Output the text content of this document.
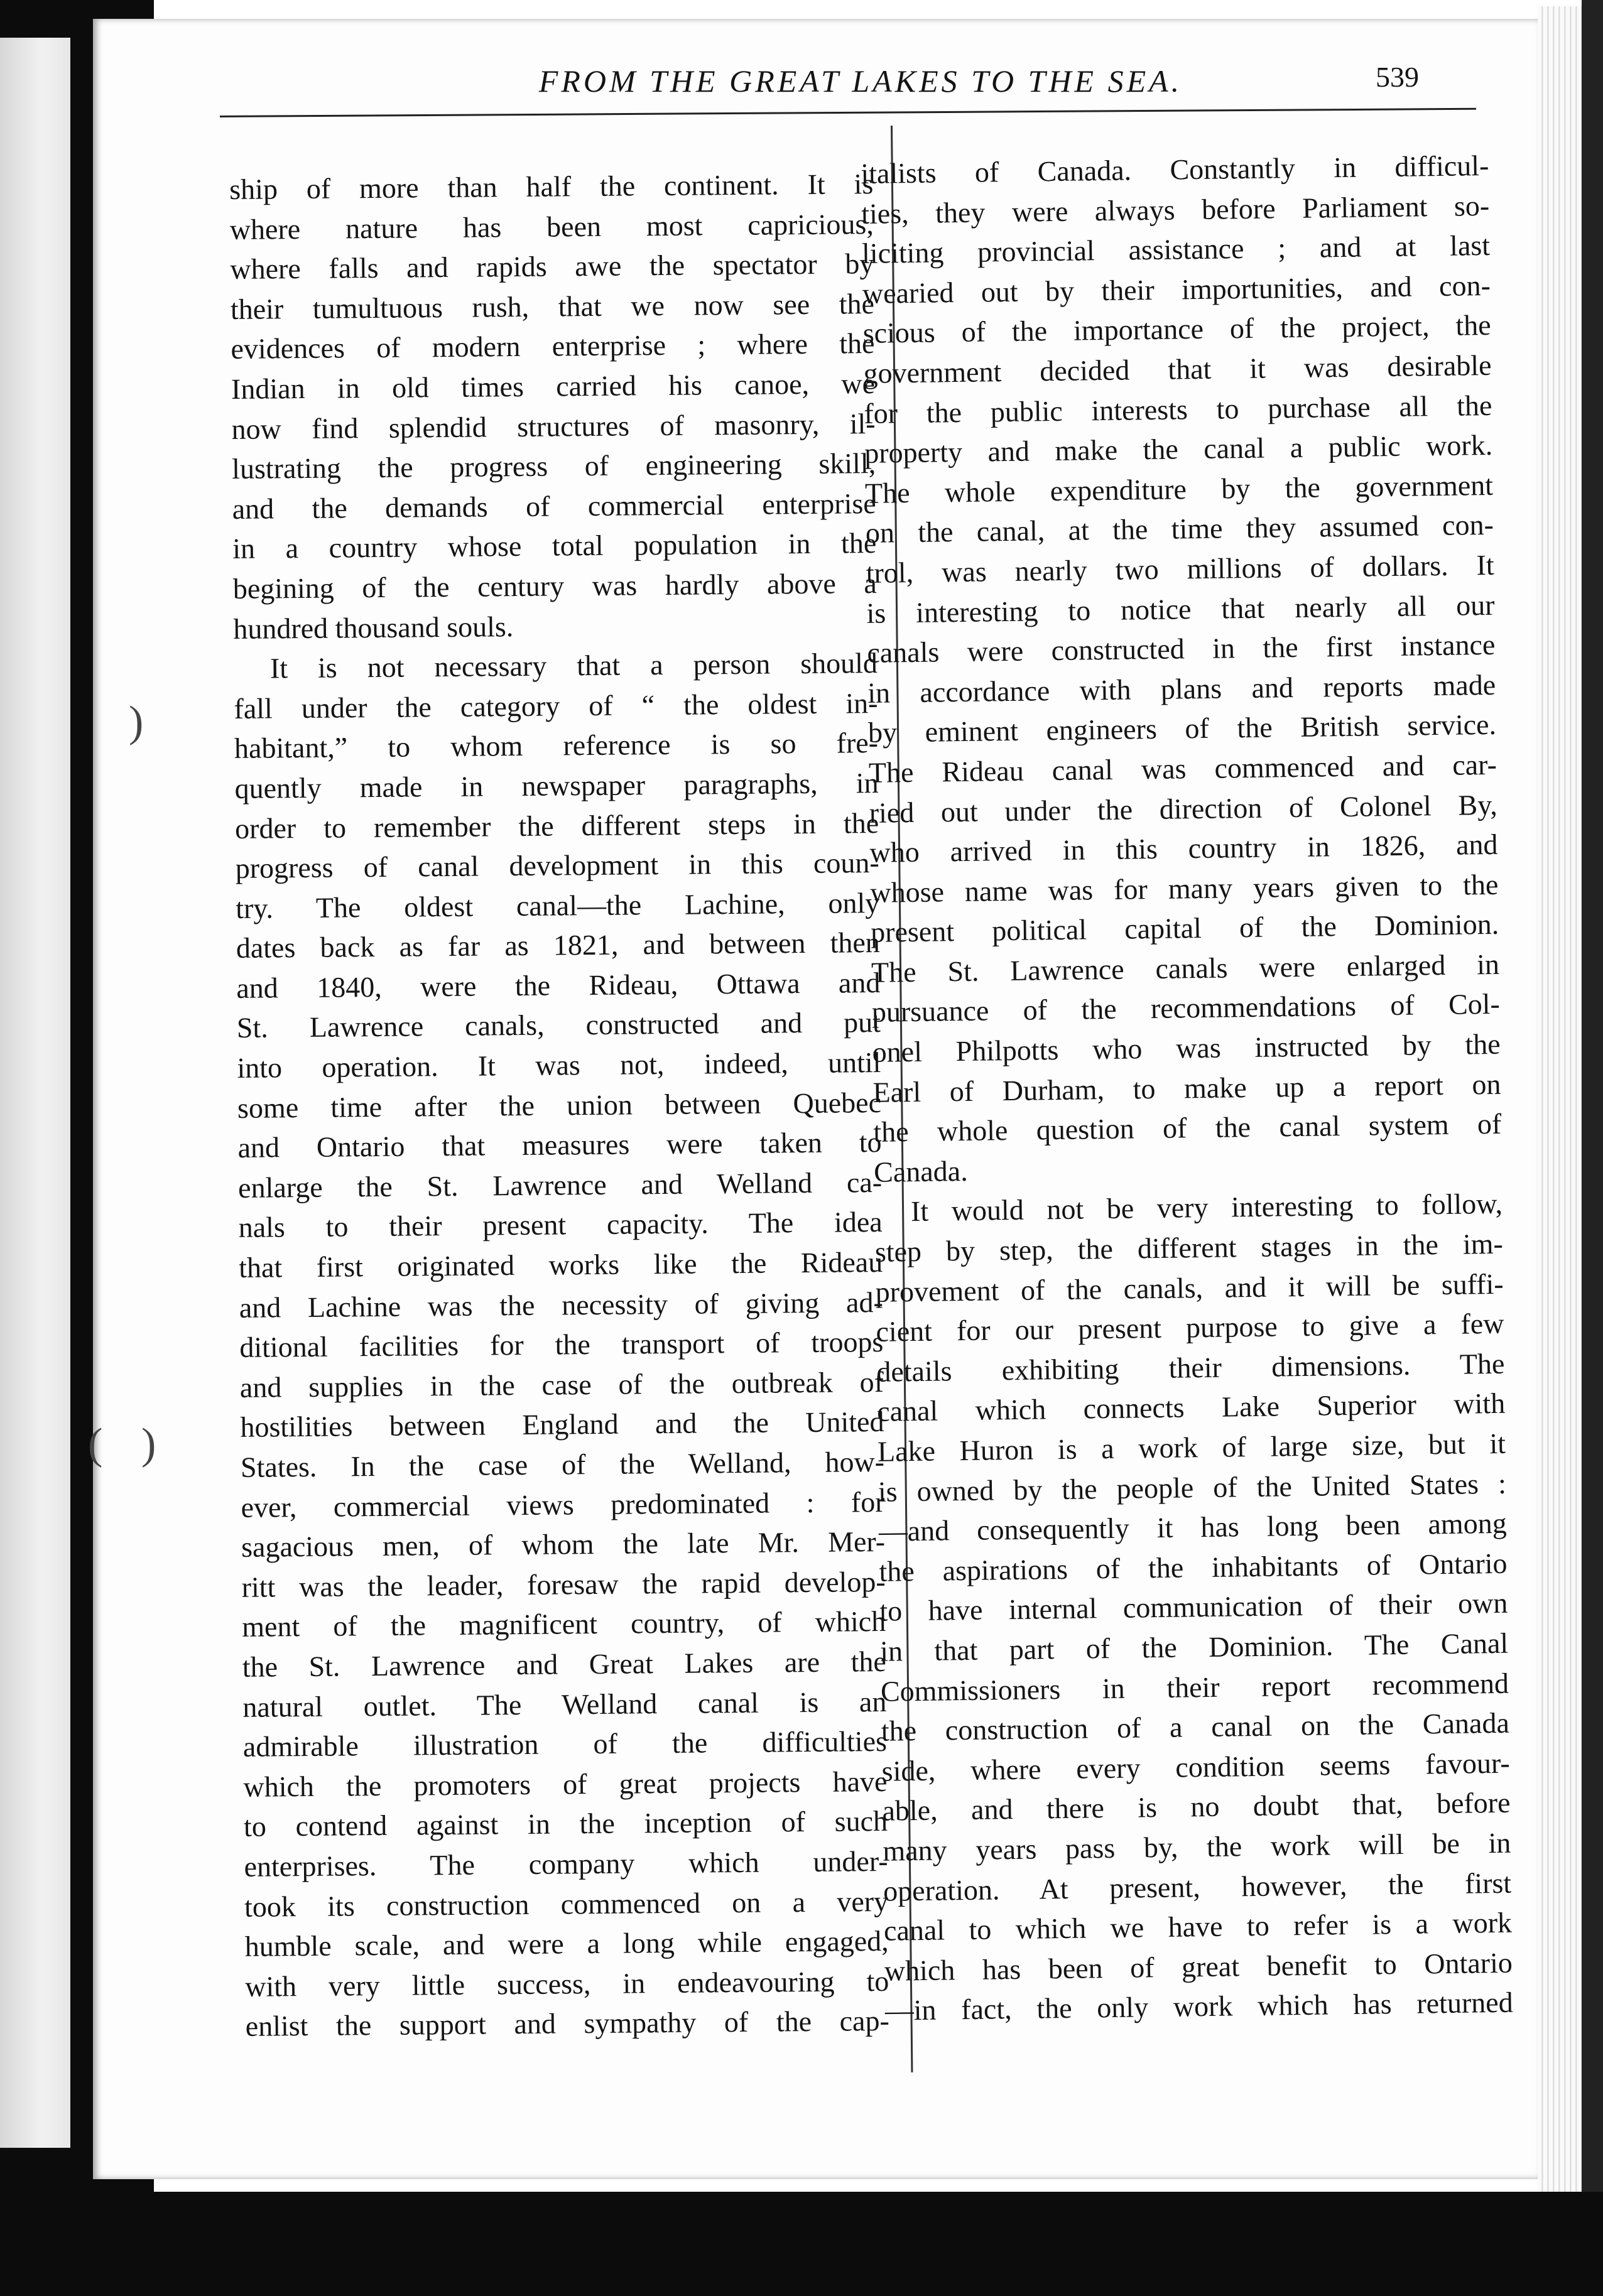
)
( )
FROM THE GREAT LAKES TO THE SEA.	539
ship of more than half the continent. It is
where nature has been most capricious,
where falls and rapids awe the spectator by
their tumultuous rush, that we now see the
evidences of modern enterprise ; where the
Indian in old times carried his canoe, we
now find splendid structures of masonry, il-
lustrating the progress of engineering skill,
and the demands of commercial enterprise
in a country whose total population in the
begining of the century was hardly above a
hundred thousand souls.
It is not necessary that a person should
fall under the category of “ the oldest in-
habitant,” to whom reference is so fre-
quently made in newspaper paragraphs, in
order to remember the different steps in the
progress of canal development in this coun-
try. The oldest canal—the Lachine, only
dates back as far as 1821, and between then
and 1840, were the Rideau, Ottawa and
St. Lawrence canals, constructed and put
into operation. It was not, indeed, until
some time after the union between Quebec
and Ontario that measures were taken to
enlarge the St. Lawrence and Welland ca-
nals to their present capacity. The idea
that first originated works like the Rideau
and Lachine was the necessity of giving ad-
ditional facilities for the transport of troops
and supplies in the case of the outbreak of
hostilities between England and the United
States. In the case of the Welland, how-
ever, commercial views predominated : for
sagacious men, of whom the late Mr. Mer-
ritt was the leader, foresaw the rapid develop-
ment of the magnificent country, of which
the St. Lawrence and Great Lakes are the
natural outlet. The Welland canal is an
admirable illustration of the difficulties
which the promoters of great projects have
to contend against in the inception of such
enterprises. The company which under-
took its construction commenced on a very
humble scale, and were a long while engaged,
with very little success, in endeavouring to
enlist the support and sympathy of the cap-
italists of Canada. Constantly in difficul-
ties, they were always before Parliament so-
liciting provincial assistance ; and at last
wearied out by their importunities, and con-
scious of the importance of the project, the
government decided that it was desirable
for the public interests to purchase all the
property and make the canal a public work.
The whole expenditure by the government
on the canal, at the time they assumed con-
trol, was nearly two millions of dollars. It
is interesting to notice that nearly all our
canals were constructed in the first instance
in accordance with plans and reports made
by eminent engineers of the British service.
The Rideau canal was commenced and car-
ried out under the direction of Colonel By,
who arrived in this country in 1826, and
whose name was for many years given to the
present political capital of the Dominion.
The St. Lawrence canals were enlarged in
pursuance of the recommendations of Col-
onel Philpotts who was instructed by the
Earl of Durham, to make up a report on
the whole question of the canal system of
Canada.
It would not be very interesting to follow,
step by step, the different stages in the im-
provement of the canals, and it will be suffi-
cient for our present purpose to give a few
details exhibiting their dimensions. The
canal which connects Lake Superior with
Lake Huron is a work of large size, but it
is owned by the people of the United States :
—and consequently it has long been among
the aspirations of the inhabitants of Ontario
to have internal communication of their own
in that part of the Dominion. The Canal
Commissioners in their report recommend
the construction of a canal on the Canada
side, where every condition seems favour-
able, and there is no doubt that, before
many years pass by, the work will be in
operation. At present, however, the first
canal to which we have to refer is a work
which has been of great benefit to Ontario
—in fact, the only work which has returned
